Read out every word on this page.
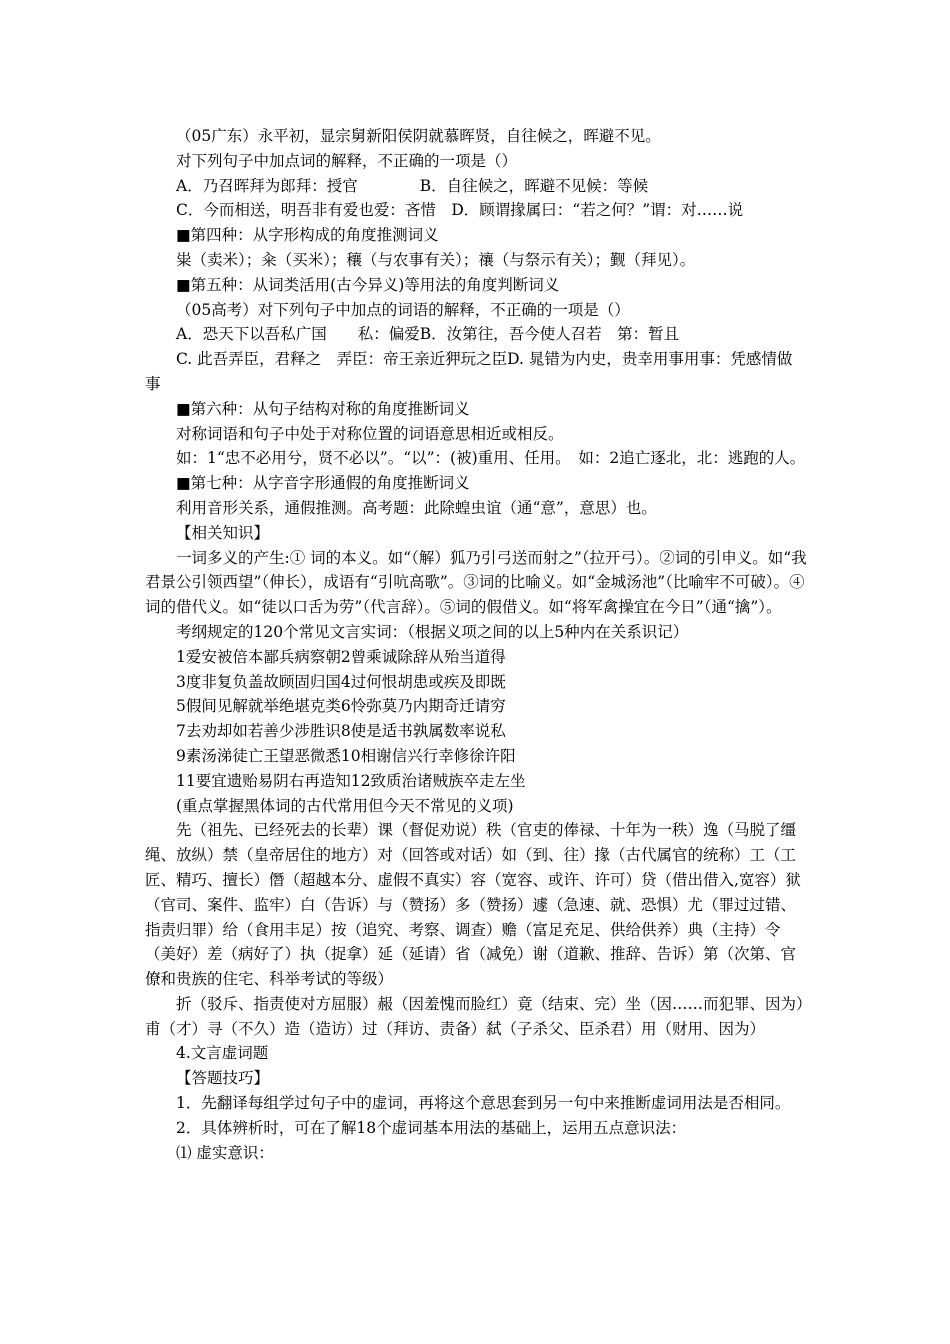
（05广东）永平初，显宗舅新阳侯阴就慕晖贤，自往候之，晖避不见。

对下列句子中加点词的解释，不正确的一项是（）

A．乃召晖拜为郎拜：授官　　　　B．自往候之，晖避不见候：等候

C．今而相送，明吾非有爱也爱：吝惜　D．顾谓掾属曰：“若之何？”谓：对……说

■第四种：从字形构成的角度推测词义

粜（卖米）；籴（买米）；穰（与农事有关）；禳（与祭示有关）；觐（拜见）。

■第五种：从词类活用(古今异义)等用法的角度判断词义

（05高考）对下列句子中加点的词语的解释，不正确的一项是（）

A．恐天下以吾私广国　　私：偏爱B．汝第往，吾今使人召若　第：暂且

C. 此吾弄臣，君释之　弄臣：帝王亲近狎玩之臣D. 晁错为内史，贵幸用事用事：凭感情做事

■第六种：从句子结构对称的角度推断词义

对称词语和句子中处于对称位置的词语意思相近或相反。

如：1“忠不必用兮，贤不必以”。“以”：(被)重用、任用。　如：2追亡逐北，北：逃跑的人。

■第七种：从字音字形通假的角度推断词义

利用音形关系，通假推测。高考题：此除蝗虫谊（通“意”，意思）也。

【相关知识】

一词多义的产生:① 词的本义。如“（解）狐乃引弓送而射之”（拉开弓）。②词的引申义。如“我君景公引领西望”（伸长），成语有“引吭高歌”。③词的比喻义。如“金城汤池”（比喻牢不可破）。④词的借代义。如“徒以口舌为劳”（代言辞）。⑤词的假借义。如“将军禽操宜在今日”（通“擒”）。

考纲规定的120个常见文言实词：（根据义项之间的以上5种内在关系识记）

1爱安被倍本鄙兵病察朝2曾乘诚除辞从殆当道得

3度非复负盖故顾固归国4过何恨胡患或疾及即既

5假间见解就举绝堪克类6怜弥莫乃内期奇迁请穷

7去劝却如若善少涉胜识8使是适书孰属数率说私

9素汤涕徒亡王望恶微悉10相谢信兴行幸修徐许阳

11要宜遗贻易阴右再造知12致质治诸贼族卒走左坐

(重点掌握黑体词的古代常用但今天不常见的义项)

先（祖先、已经死去的长辈）课（督促劝说）秩（官吏的俸禄、十年为一秩）逸（马脱了缰绳、放纵）禁（皇帝居住的地方）对（回答或对话）如（到、往）掾（古代属官的统称）工（工匠、精巧、擅长）僭（超越本分、虚假不真实）容（宽容、或许、许可）贷（借出借入,宽容）狱（官司、案件、监牢）白（告诉）与（赞扬）多（赞扬）遽（急速、就、恐惧）尤（罪过过错、指责归罪）给（食用丰足）按（追究、考察、调查）赡（富足充足、供给供养）典（主持）令（美好）差（病好了）执（捉拿）延（延请）省（减免）谢（道歉、推辞、告诉）第（次第、官僚和贵族的住宅、科举考试的等级）

折（驳斥、指责使对方屈服）赧（因羞愧而脸红）竟（结束、完）坐（因……而犯罪、因为）甫（才）寻（不久）造（造访）过（拜访、责备）弑（子杀父、臣杀君）用（财用、因为）

4.文言虚词题

【答题技巧】

1．先翻译每组学过句子中的虚词，再将这个意思套到另一句中来推断虚词用法是否相同。

2．具体辨析时，可在了解18个虚词基本用法的基础上，运用五点意识法：

⑴ 虚实意识：
